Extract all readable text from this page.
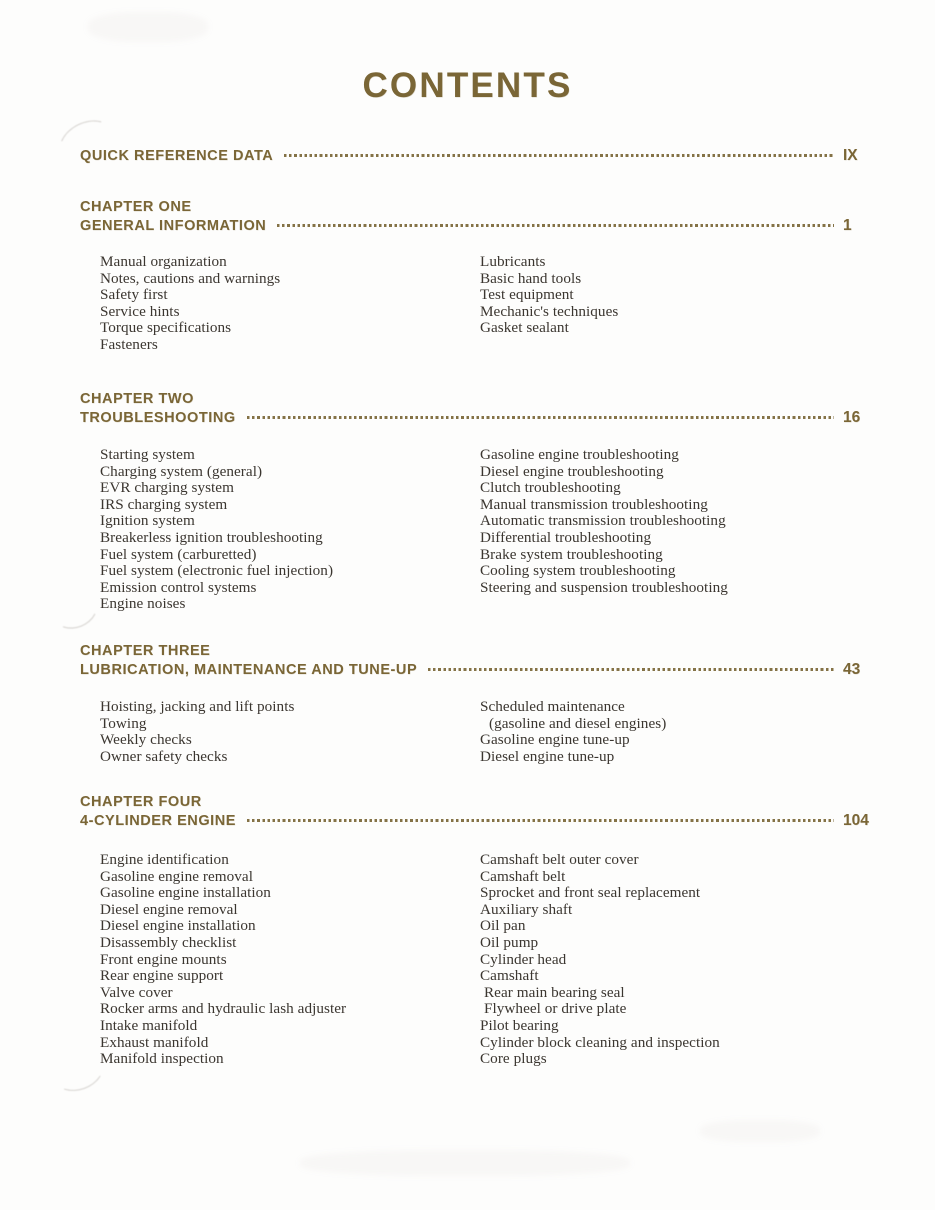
CONTENTS
QUICK REFERENCE DATA	IX
CHAPTER ONE
GENERAL INFORMATION	1
Manual organization
Notes, cautions and warnings
Safety first
Service hints
Torque specifications
Fasteners
Lubricants
Basic hand tools
Test equipment
Mechanic's techniques
Gasket sealant
CHAPTER TWO
TROUBLESHOOTING	16
Starting system
Charging system (general)
EVR charging system
IRS charging system
Ignition system
Breakerless ignition troubleshooting
Fuel system (carburetted)
Fuel system (electronic fuel injection)
Emission control systems
Engine noises
Gasoline engine troubleshooting
Diesel engine troubleshooting
Clutch troubleshooting
Manual transmission troubleshooting
Automatic transmission troubleshooting
Differential troubleshooting
Brake system troubleshooting
Cooling system troubleshooting
Steering and suspension troubleshooting
CHAPTER THREE
LUBRICATION, MAINTENANCE AND TUNE-UP	43
Hoisting, jacking and lift points
Towing
Weekly checks
Owner safety checks
Scheduled maintenance
(gasoline and diesel engines)
Gasoline engine tune-up
Diesel engine tune-up
CHAPTER FOUR
4-CYLINDER ENGINE	104
Engine identification
Gasoline engine removal
Gasoline engine installation
Diesel engine removal
Diesel engine installation
Disassembly checklist
Front engine mounts
Rear engine support
Valve cover
Rocker arms and hydraulic lash adjuster
Intake manifold
Exhaust manifold
Manifold inspection
Camshaft belt outer cover
Camshaft belt
Sprocket and front seal replacement
Auxiliary shaft
Oil pan
Oil pump
Cylinder head
Camshaft
Rear main bearing seal
Flywheel or drive plate
Pilot bearing
Cylinder block cleaning and inspection
Core plugs
